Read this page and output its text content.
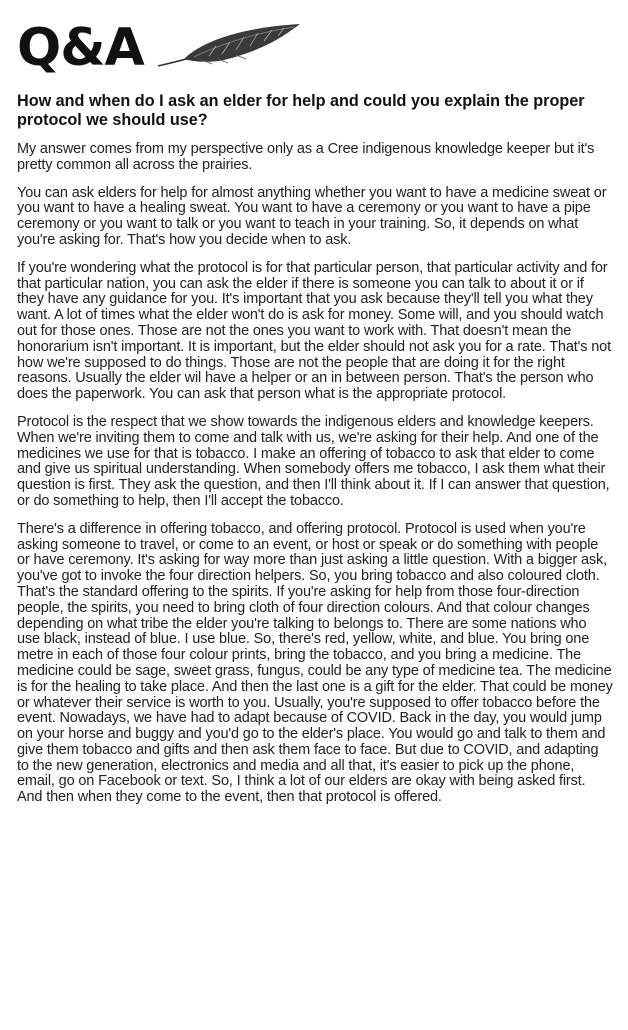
Q&A
How and when do I ask an elder for help and could you explain the proper protocol we should use?

My answer comes from my perspective only as a Cree indigenous knowledge keeper but it's pretty common all across the prairies.

You can ask elders for help for almost anything whether you want to have a medicine sweat or you want to have a healing sweat. You want to have a ceremony or you want to have a pipe ceremony or you want to talk or you want to teach in your training. So, it depends on what you're asking for. That's how you decide when to ask.

If you're wondering what the protocol is for that particular person, that particular activity and for that particular nation, you can ask the elder if there is someone you can talk to about it or if they have any guidance for you. It's important that you ask because they'll tell you what they want. A lot of times what the elder won't do is ask for money. Some will, and you should watch out for those ones. Those are not the ones you want to work with. That doesn't mean the honorarium isn't important. It is important, but the elder should not ask you for a rate. That's not how we're supposed to do things. Those are not the people that are doing it for the right reasons. Usually the elder wil have a helper or an in between person. That's the person who does the paperwork. You can ask that person what is the appropriate protocol.

Protocol is the respect that we show towards the indigenous elders and knowledge keepers. When we're inviting them to come and talk with us, we're asking for their help. And one of the medicines we use for that is tobacco. I make an offering of tobacco to ask that elder to come and give us spiritual understanding. When somebody offers me tobacco, I ask them what their question is first. They ask the question, and then I'll think about it. If I can answer that question, or do something to help, then I'll accept the tobacco.

There's a difference in offering tobacco, and offering protocol. Protocol is used when you're asking someone to travel, or come to an event, or host or speak or do something with people or have ceremony. It's asking for way more than just asking a little question. With a bigger ask, you've got to invoke the four direction helpers. So, you bring tobacco and also coloured cloth. That's the standard offering to the spirits. If you're asking for help from those four-direction people, the spirits, you need to bring cloth of four direction colours. And that colour changes depending on what tribe the elder you're talking to belongs to. There are some nations who use black, instead of blue. I use blue. So, there's red, yellow, white, and blue. You bring one metre in each of those four colour prints, bring the tobacco, and you bring a medicine. The medicine could be sage, sweet grass, fungus, could be any type of medicine tea. The medicine is for the healing to take place. And then the last one is a gift for the elder. That could be money or whatever their service is worth to you. Usually, you're supposed to offer tobacco before the event. Nowadays, we have had to adapt because of COVID. Back in the day, you would jump on your horse and buggy and you'd go to the elder's place. You would go and talk to them and give them tobacco and gifts and then ask them face to face. But due to COVID, and adapting to the new generation, electronics and media and all that, it's easier to pick up the phone, email, go on Facebook or text. So, I think a lot of our elders are okay with being asked first. And then when they come to the event, then that protocol is offered.
